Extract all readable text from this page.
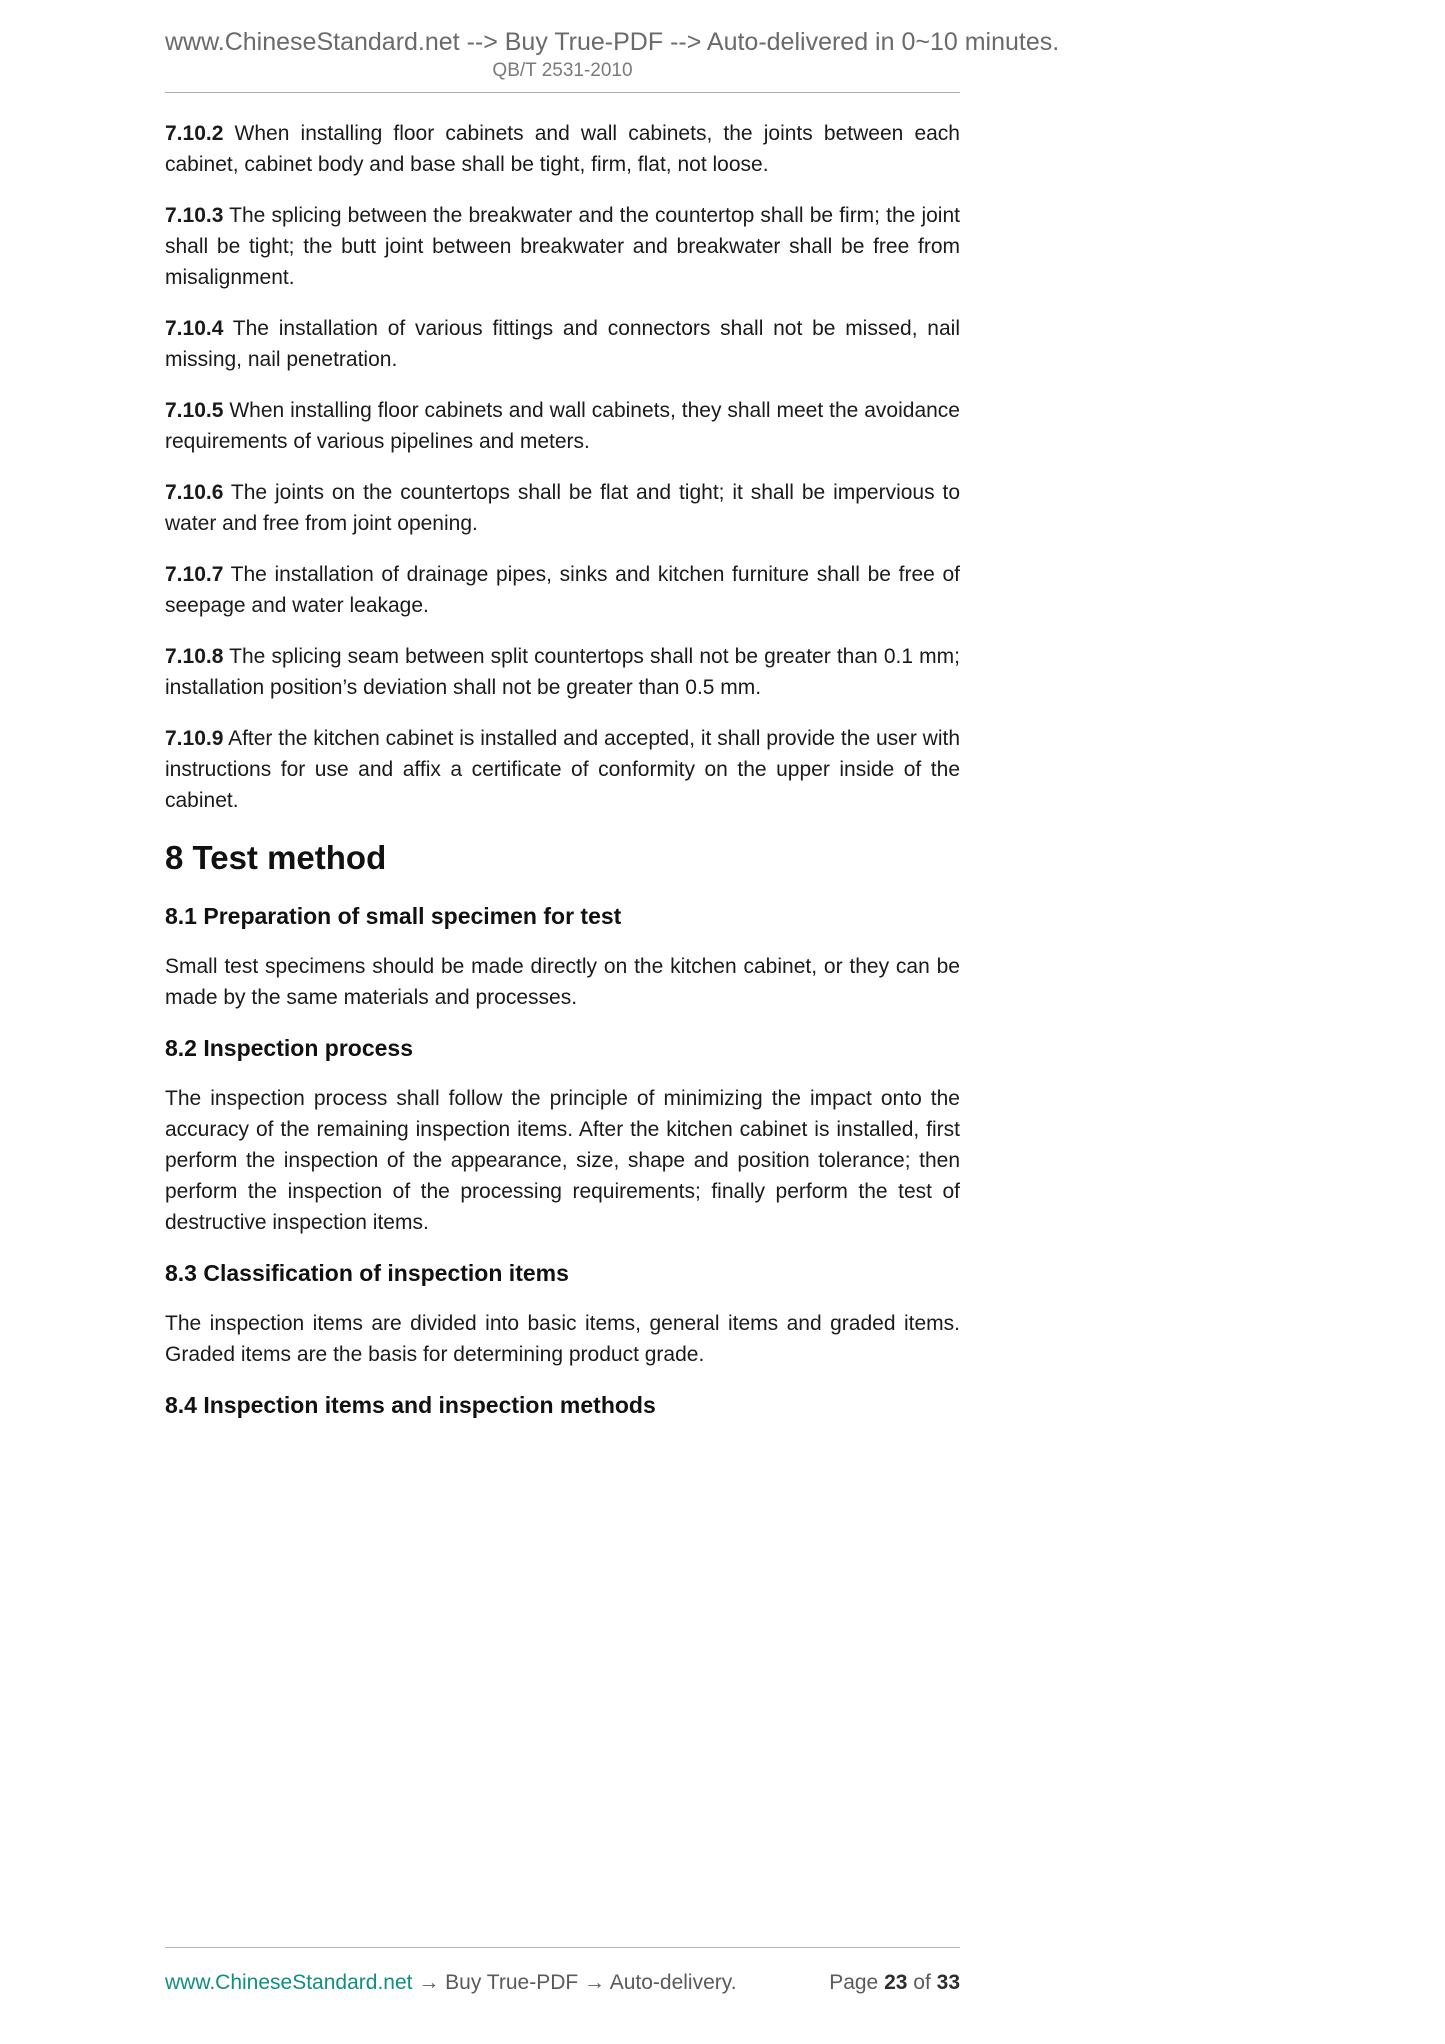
www.ChineseStandard.net --> Buy True-PDF --> Auto-delivered in 0~10 minutes.
QB/T 2531-2010

7.10.2 When installing floor cabinets and wall cabinets, the joints between each cabinet, cabinet body and base shall be tight, firm, flat, not loose.

7.10.3 The splicing between the breakwater and the countertop shall be firm; the joint shall be tight; the butt joint between breakwater and breakwater shall be free from misalignment.

7.10.4 The installation of various fittings and connectors shall not be missed, nail missing, nail penetration.

7.10.5 When installing floor cabinets and wall cabinets, they shall meet the avoidance requirements of various pipelines and meters.

7.10.6 The joints on the countertops shall be flat and tight; it shall be impervious to water and free from joint opening.

7.10.7 The installation of drainage pipes, sinks and kitchen furniture shall be free of seepage and water leakage.

7.10.8 The splicing seam between split countertops shall not be greater than 0.1 mm; installation position’s deviation shall not be greater than 0.5 mm.

7.10.9 After the kitchen cabinet is installed and accepted, it shall provide the user with instructions for use and affix a certificate of conformity on the upper inside of the cabinet.

8 Test method
8.1 Preparation of small specimen for test

Small test specimens should be made directly on the kitchen cabinet, or they can be made by the same materials and processes.

8.2 Inspection process

The inspection process shall follow the principle of minimizing the impact onto the accuracy of the remaining inspection items. After the kitchen cabinet is installed, first perform the inspection of the appearance, size, shape and position tolerance; then perform the inspection of the processing requirements; finally perform the test of destructive inspection items.

8.3 Classification of inspection items

The inspection items are divided into basic items, general items and graded items. Graded items are the basis for determining product grade.

8.4 Inspection items and inspection methods
www.ChineseStandard.net → Buy True-PDF → Auto-delivery.	Page 23 of 33
